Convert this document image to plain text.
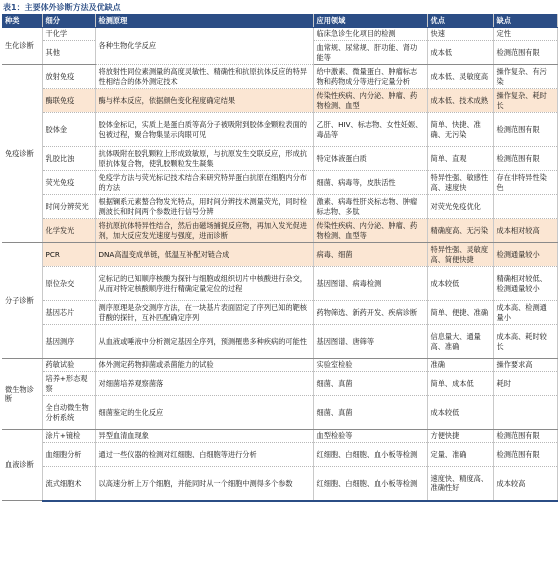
表1：主要体外诊断方法及优缺点
种类	细分	检测原理	应用领域	优点	缺点
生化诊断	干化学	各种生物化学反应	临床急诊生化项目的检测	快速	定性
	其他		血常规、尿常规、肝功能、肾功能等	成本低	检测范围有限
免疫诊断	放射免疫	将放射性同位素测量的高度灵敏性、精确性和抗原抗体反应的特异性相结合的体外测定技术	给中激素、微量蛋白、肿瘤标志物和药物成分等进行定量分析	成本低、灵敏度高	操作复杂、有污染
	酶联免疫	酶与样本反应，依据颜色变化程度确定结果	传染性疾病、内分泌、肿瘤、药物检测、血型	成本低、技术成熟	操作复杂、耗时长
	胶体金	胶体金标记，实质上是蛋白质等高分子被吸附到胶体金颗粒表面的包被过程，聚合物集显示肉眼可见	乙肝、HIV、标志物、女性妊娠、毒品等	简单、快捷、准确、无污染	检测范围有限
	乳胶比浊	抗体吸附在胶乳颗粒上形成致敏原，与抗原发生交联反应，形成抗原抗体复合物，使乳胶颗粒发生凝集	特定体液蛋白质	简单、直观	检测范围有限
	荧光免疫	免疫学方法与荧光标记技术结合来研究特异蛋白抗原在细胞内分布的方法	细菌、病毒等，皮肤活性	特异性强、敏感性高、速度快	存在非特异性染色
	时间分辨荧光	根据镧系元素螯合物发光特点，用时间分辨技术测量荧光，同时检测波长和时间两个参数进行信号分辨	激素、病毒性肝炎标志物、肿瘤标志物、多肽	对荧光免疫优化	
	化学发光	将抗原抗体特异性结合，然后由磁场捕捉反应物，再加入发光促进剂，加大反应发光速度与强度，进而诊断	传染性疾病、内分泌、肿瘤、药物检测、血型等	精确度高、无污染	成本相对较高
分子诊断	PCR	DNA高温变成单链，低温互补配对链合成	病毒、细菌	特异性强、灵敏度高、简便快捷	检测通量较小
	原位杂交	定标记的已知顺序核酸为探针与细胞或组织切片中核酸进行杂交，从而对特定核酸顺序进行精确定量定位的过程	基因图谱、病毒检测	成本较低	精确相对较低、检测通量较小
	基因芯片	测序原理是杂交测序方法，在一块基片表面固定了序列已知的靶核苷酸的探针，互补匹配确定序列	药物筛选、新药开发、疾病诊断	简单、便捷、准确	成本高、检测通量小
	基因测序	从血液或唾液中分析测定基因全序列，预测罹患多种疾病的可能性	基因图谱、唐筛等	信息量大、通量高、准确	成本高、耗时较长
微生物诊断	药敏试验	体外测定药物抑菌或杀菌能力的试验	实验室检验	准确	操作要求高
	培养+形态观察	对细菌培养观察菌落	细菌、真菌	简单、成本低	耗时
	全自动微生物分析系统	细菌鉴定的生化反应	细菌、真菌	成本较低	
血液诊断	涂片+镜检	异型血清血现象	血型检验等	方便快捷	检测范围有限
	血细胞分析	通过一些仪器的检测对红细胞、白细胞等进行分析	红细胞、白细胞、血小板等检测	定量、准确	检测范围有限
	流式细胞术	以高速分析上万个细胞，并能同时从一个细胞中测得多个参数	红细胞、白细胞、血小板等检测	速度快、精度高、准确性好	成本较高
